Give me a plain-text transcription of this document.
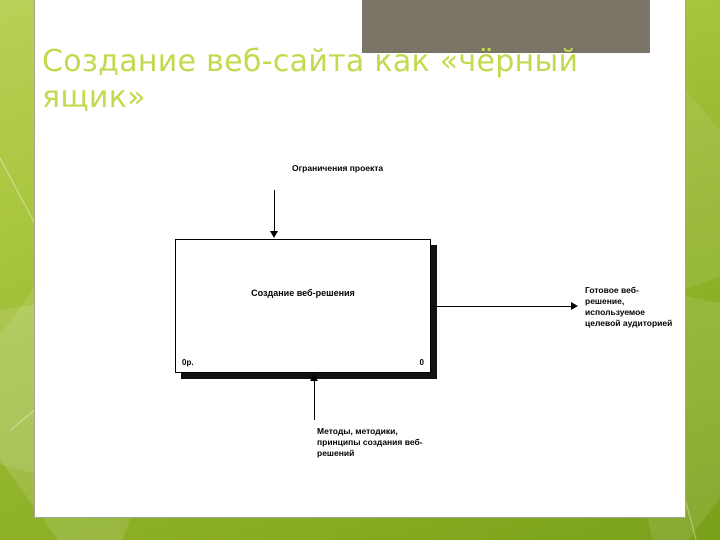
Создание веб-сайта как «чёрный ящик»
Ограничения проекта
Создание веб-решения
0р.	0
Готовое веб-решение, используемое целевой аудиторией
Методы, методики, принципы создания веб-решений
